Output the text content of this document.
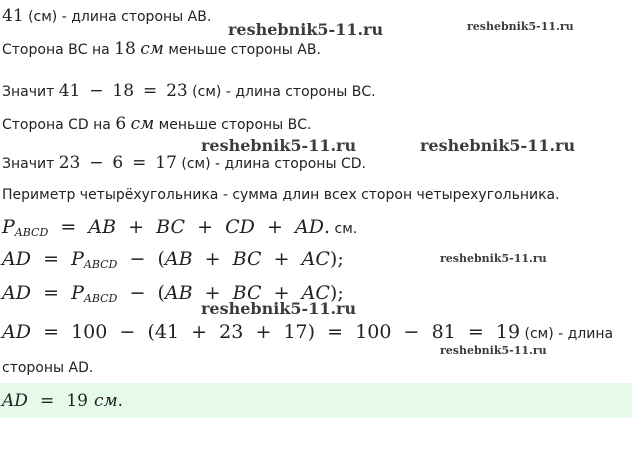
41 (см) - длина стороны АВ.
Сторона ВС на 18 см меньше стороны АВ.
Значит 41 − 18 = 23 (см) - длина стороны ВС.
Сторона CD на 6 см меньше стороны ВС.
Значит 23 − 6 = 17 (см) - длина стороны CD.
Периметр четырёхугольника - сумма длин всех сторон четырехугольника.
PABCD = AB + BC + CD + AD. см.
AD = PABCD − (AB + BC + AC);
AD = PABCD − (AB + BC + AC);
AD = 100 − (41 + 23 + 17) = 100 − 81 = 19 (см) - длина
стороны AD.
AD = 19 см.
reshebnik5-11.ru	reshebnik5-11.ru
reshebnik5-11.ru	reshebnik5-11.ru
reshebnik5-11.ru
reshebnik5-11.ru
reshebnik5-11.ru
